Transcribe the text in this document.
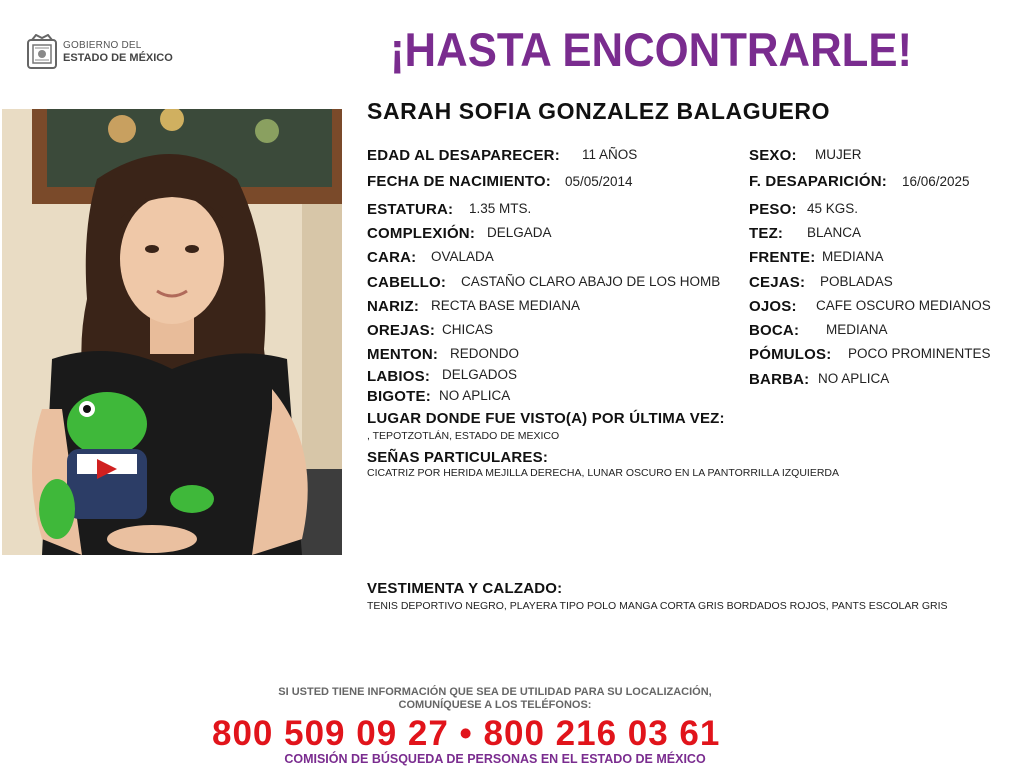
GOBIERNO DEL
ESTADO DE MÉXICO	¡HASTA ENCONTRARLE!
SARAH SOFIA GONZALEZ BALAGUERO
EDAD AL DESAPARECER: 11 AÑOS
FECHA DE NACIMIENTO: 05/05/2014
ESTATURA: 1.35 MTS.
COMPLEXIÓN: DELGADA
CARA: OVALADA
CABELLO: CASTAÑO CLARO ABAJO DE LOS HOMB
NARIZ: RECTA BASE MEDIANA
OREJAS: CHICAS
MENTON: REDONDO
LABIOS: DELGADOS
BIGOTE: NO APLICA
SEXO: MUJER
F. DESAPARICIÓN: 16/06/2025
PESO: 45 KGS.
TEZ: BLANCA
FRENTE: MEDIANA
CEJAS: POBLADAS
OJOS: CAFE OSCURO MEDIANOS
BOCA: MEDIANA
PÓMULOS: POCO PROMINENTES
BARBA: NO APLICA
LUGAR DONDE FUE VISTO(A) POR ÚLTIMA VEZ:
, TEPOTZOTLÁN, ESTADO DE MEXICO
SEÑAS PARTICULARES:
CICATRIZ POR HERIDA MEJILLA DERECHA, LUNAR OSCURO EN LA PANTORRILLA IZQUIERDA
VESTIMENTA Y CALZADO:
TENIS DEPORTIVO NEGRO, PLAYERA TIPO POLO MANGA CORTA GRIS BORDADOS ROJOS, PANTS ESCOLAR GRIS
SI USTED TIENE INFORMACIÓN QUE SEA DE UTILIDAD PARA SU LOCALIZACIÓN,
COMUNÍQUESE A LOS TELÉFONOS:
800 509 09 27 • 800 216 03 61
COMISIÓN DE BÚSQUEDA DE PERSONAS EN EL ESTADO DE MÉXICO
